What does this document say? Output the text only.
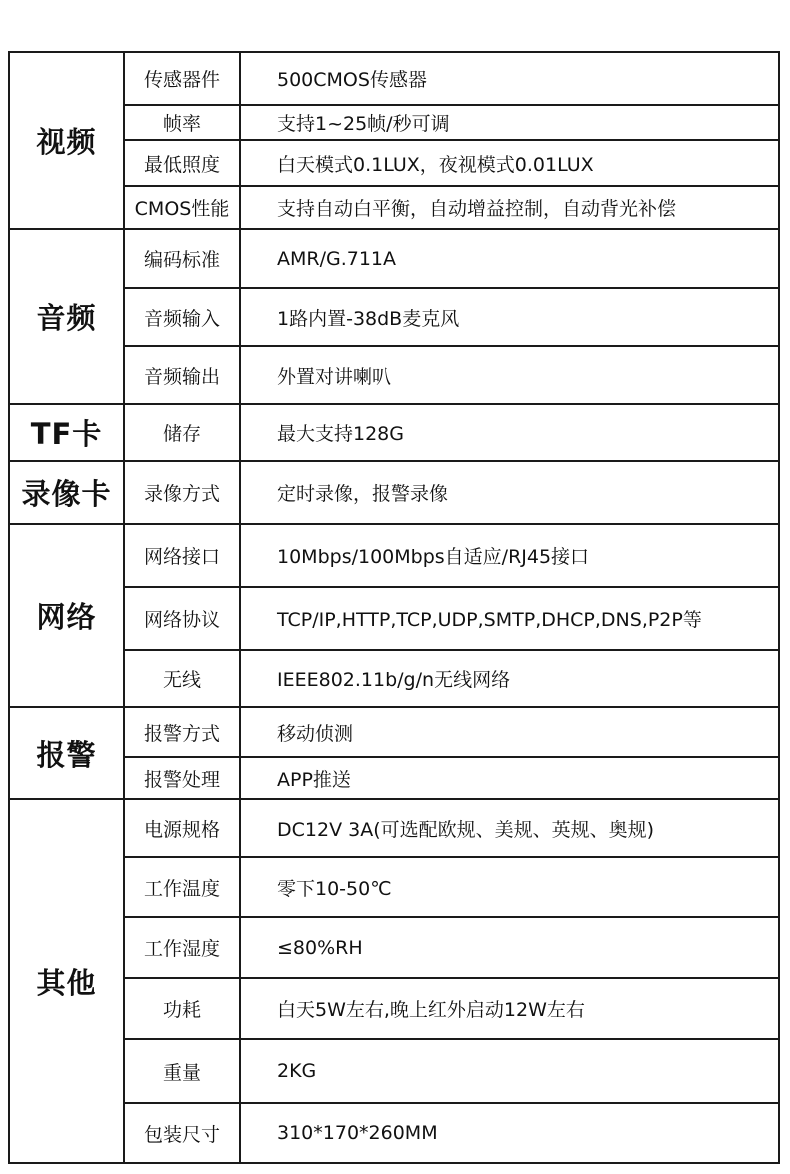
视频	传感器件	500CMOS传感器
	帧率	支持1~25帧/秒可调
	最低照度	白天模式0.1LUX，夜视模式0.01LUX
	CMOS性能	支持自动白平衡，自动增益控制，自动背光补偿
音频	编码标准	AMR/G.711A
	音频输入	1路内置-38dB麦克风
	音频输出	外置对讲喇叭
TF卡	储存	最大支持128G
录像卡	录像方式	定时录像，报警录像
网络	网络接口	10Mbps/100Mbps自适应/RJ45接口
	网络协议	TCP/IP,HTTP,TCP,UDP,SMTP,DHCP,DNS,P2P等
	无线	IEEE802.11b/g/n无线网络
报警	报警方式	移动侦测
	报警处理	APP推送
其他	电源规格	DC12V 3A(可选配欧规、美规、英规、奥规)
	工作温度	零下10-50℃
	工作湿度	≤80%RH
	功耗	白天5W左右,晚上红外启动12W左右
	重量	2KG
	包装尺寸	310*170*260MM
